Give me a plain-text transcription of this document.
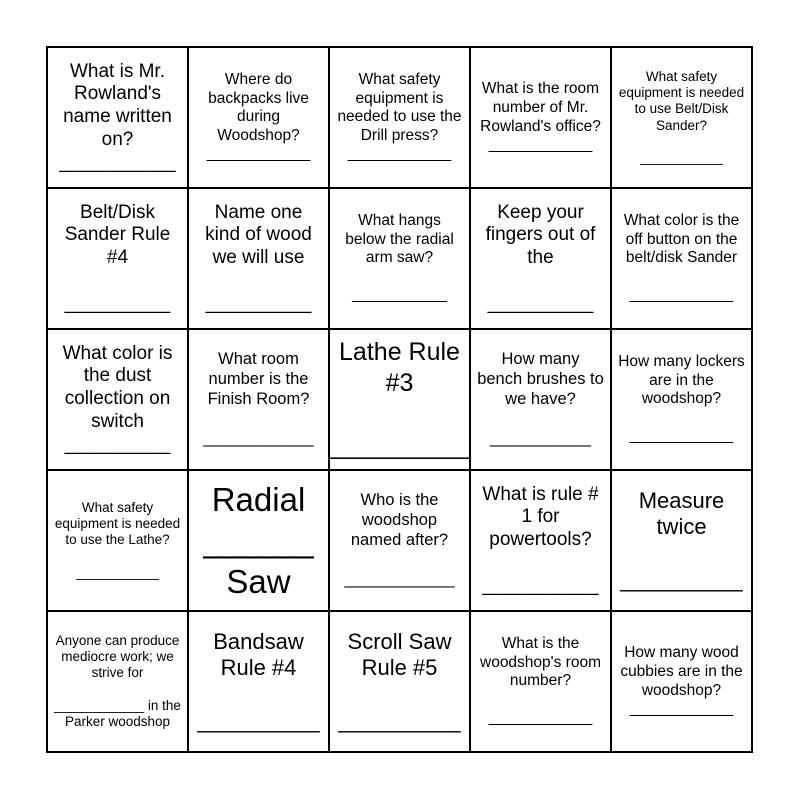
What is Mr. Rowland's name written on?
___________
Where do backpacks live during Woodshop?
____________
What safety equipment is needed to use the Drill press?
____________
What is the room number of Mr. Rowland's office?
____________
What safety equipment is needed to use Belt/Disk Sander?

___________
Belt/Disk Sander Rule #4

__________
Name one kind of wood we will use

__________
What hangs below the radial arm saw?

___________
Keep your fingers out of the

__________
What color is the off button on the belt/disk Sander

____________
What color is the dust collection on switch
__________
What room number is the Finish Room?

____________
Lathe Rule #3

__________
How many bench brushes to we have?

___________
How many lockers are in the woodshop?

____________
What safety equipment is needed to use the Lathe?

___________
Radial
______
Saw
Who is the woodshop named after?

____________
What is rule # 1 for powertools?

___________
Measure twice

__________
Anyone can produce mediocre work; we strive for

____________ in the Parker woodshop
Bandsaw Rule #4

__________
Scroll Saw Rule #5

__________
What is the woodshop's room number?

____________
How many wood cubbies are in the woodshop?
____________
